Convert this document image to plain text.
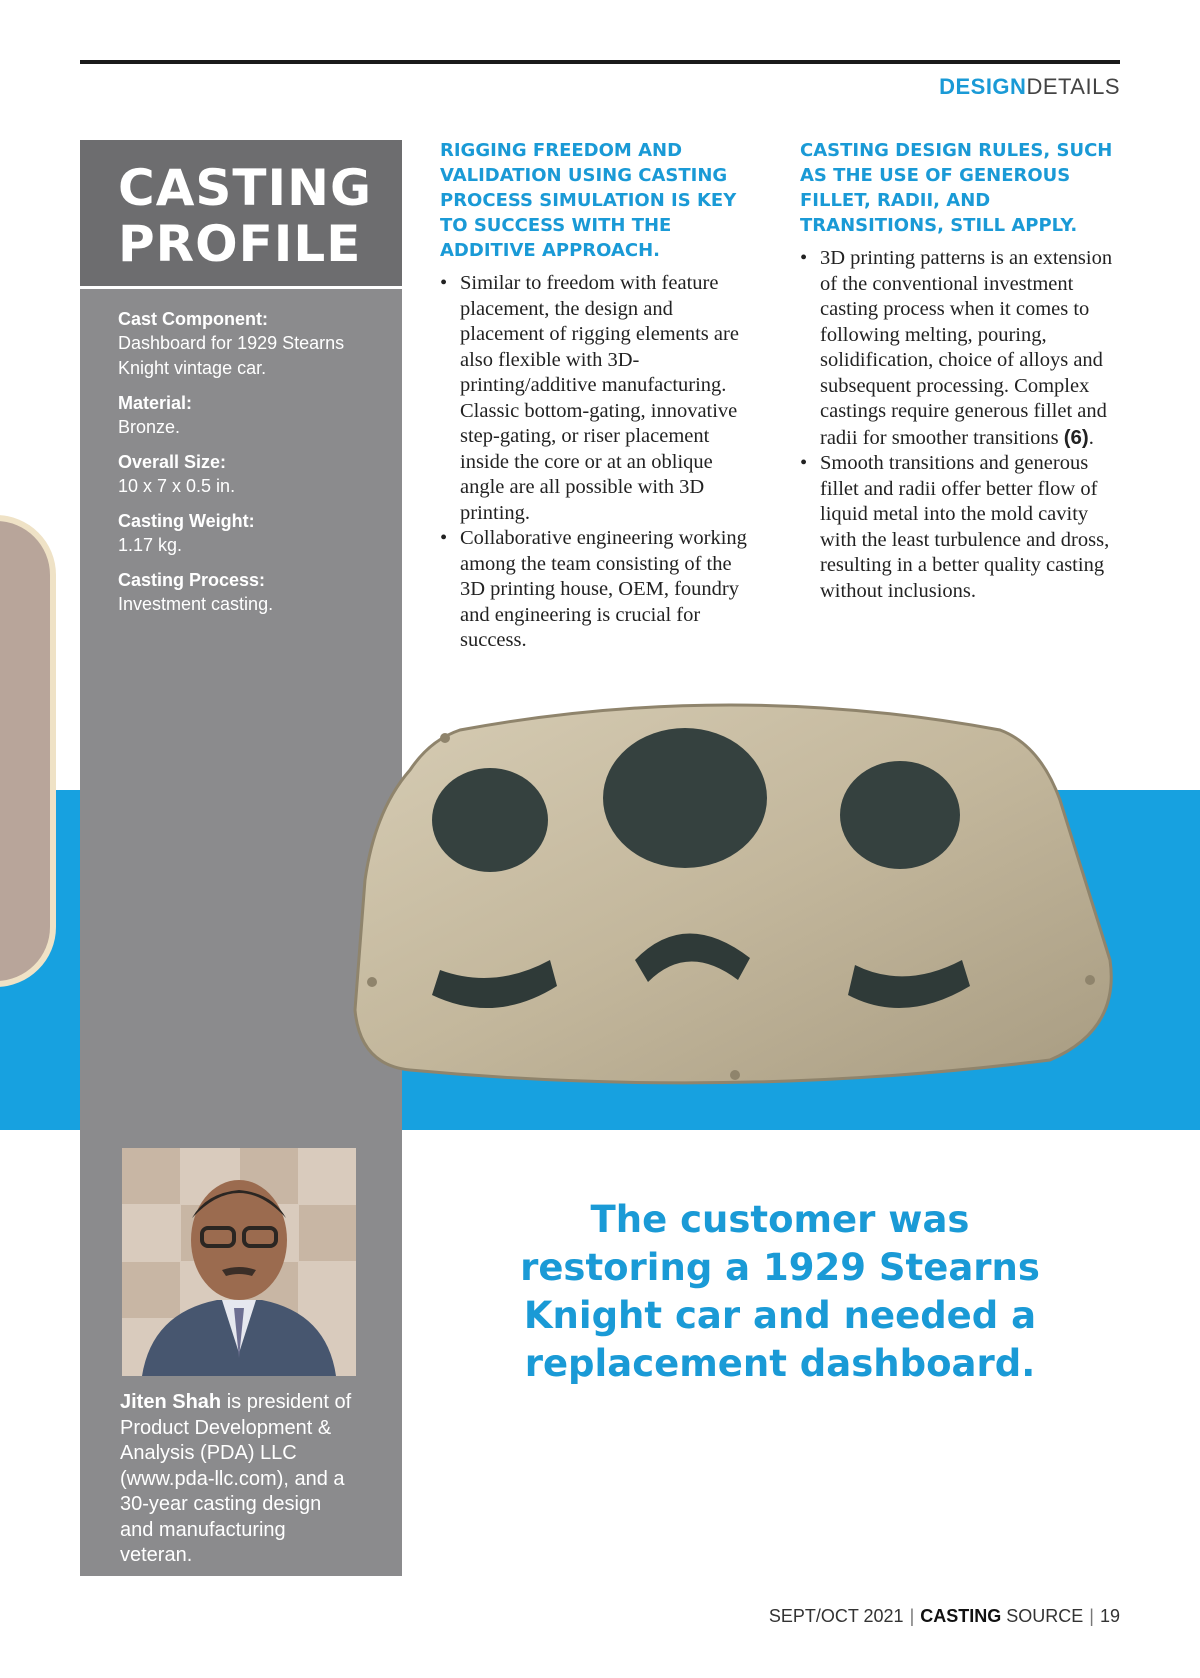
DESIGNDETAILS
CASTING
PROFILE
Cast Component:
Dashboard for 1929 Stearns Knight vintage car.
Material:
Bronze.
Overall Size:
10 x 7 x 0.5 in.
Casting Weight:
1.17 kg.
Casting Process:
Investment casting.
RIGGING FREEDOM AND VALIDATION USING CASTING PROCESS SIMULATION IS KEY TO SUCCESS WITH THE ADDITIVE APPROACH.
• Similar to freedom with feature placement, the design and placement of rigging elements are also flexible with 3D-printing/additive manufacturing. Classic bottom-gating, innovative step-gating, or riser placement inside the core or at an oblique angle are all possible with 3D printing.
• Collaborative engineering working among the team consisting of the 3D printing house, OEM, foundry and engineering is crucial for success.
CASTING DESIGN RULES, SUCH AS THE USE OF GENEROUS FILLET, RADII, AND TRANSITIONS, STILL APPLY.
• 3D printing patterns is an extension of the conventional investment casting process when it comes to following melting, pouring, solidification, choice of alloys and subsequent processing. Complex castings require generous fillet and radii for smoother transitions (6).
• Smooth transitions and generous fillet and radii offer better flow of liquid metal into the mold cavity with the least turbulence and dross, resulting in a better quality casting without inclusions.
Jiten Shah is president of Product Development & Analysis (PDA) LLC (www.pda-llc.com), and a 30-year casting design and manufacturing veteran.
The customer was restoring a 1929 Stearns Knight car and needed a replacement dashboard.
SEPT/OCT 2021 | CASTING SOURCE | 19
